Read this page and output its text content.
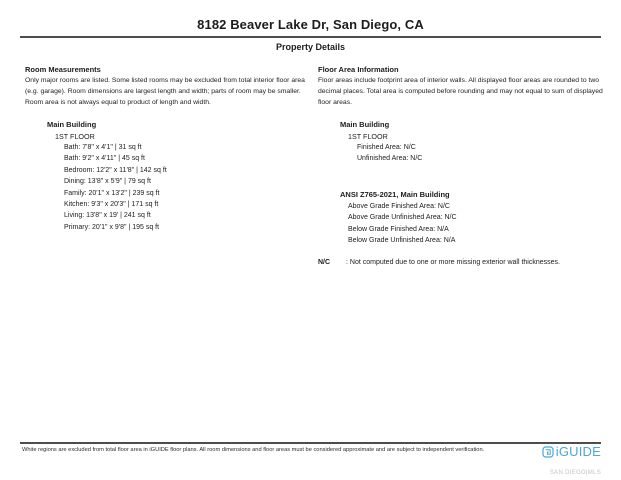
8182 Beaver Lake Dr, San Diego, CA
Property Details
Room Measurements
Only major rooms are listed. Some listed rooms may be excluded from total interior floor area (e.g. garage). Room dimensions are largest length and width; parts of room may be smaller. Room area is not always equal to product of length and width.
Main Building
1ST FLOOR
Bath: 7'8" x 4'1" | 31 sq ft
Bath: 9'2" x 4'11" | 45 sq ft
Bedroom: 12'2" x 11'8" | 142 sq ft
Dining: 13'8" x 5'9" | 79 sq ft
Family: 20'1" x 13'2" | 239 sq ft
Kitchen: 9'3" x 20'3" | 171 sq ft
Living: 13'8" x 19' | 241 sq ft
Primary: 20'1" x 9'8" | 195 sq ft
Floor Area Information
Floor areas include footprint area of interior walls. All displayed floor areas are rounded to two decimal places. Total area is computed before rounding and may not equal to sum of displayed floor areas.
Main Building
1ST FLOOR
Finished Area: N/C
Unfinished Area: N/C
ANSI Z765-2021, Main Building
Above Grade Finished Area: N/C
Above Grade Unfinished Area: N/C
Below Grade Finished Area: N/A
Below Grade Unfinished Area: N/A
N/C	: Not computed due to one or more missing exterior wall thicknesses.
White regions are excluded from total floor area in iGUIDE floor plans. All room dimensions and floor areas must be considered approximate and are subject to independent verification.	iGUIDE
SAN DIEGO|MLS
